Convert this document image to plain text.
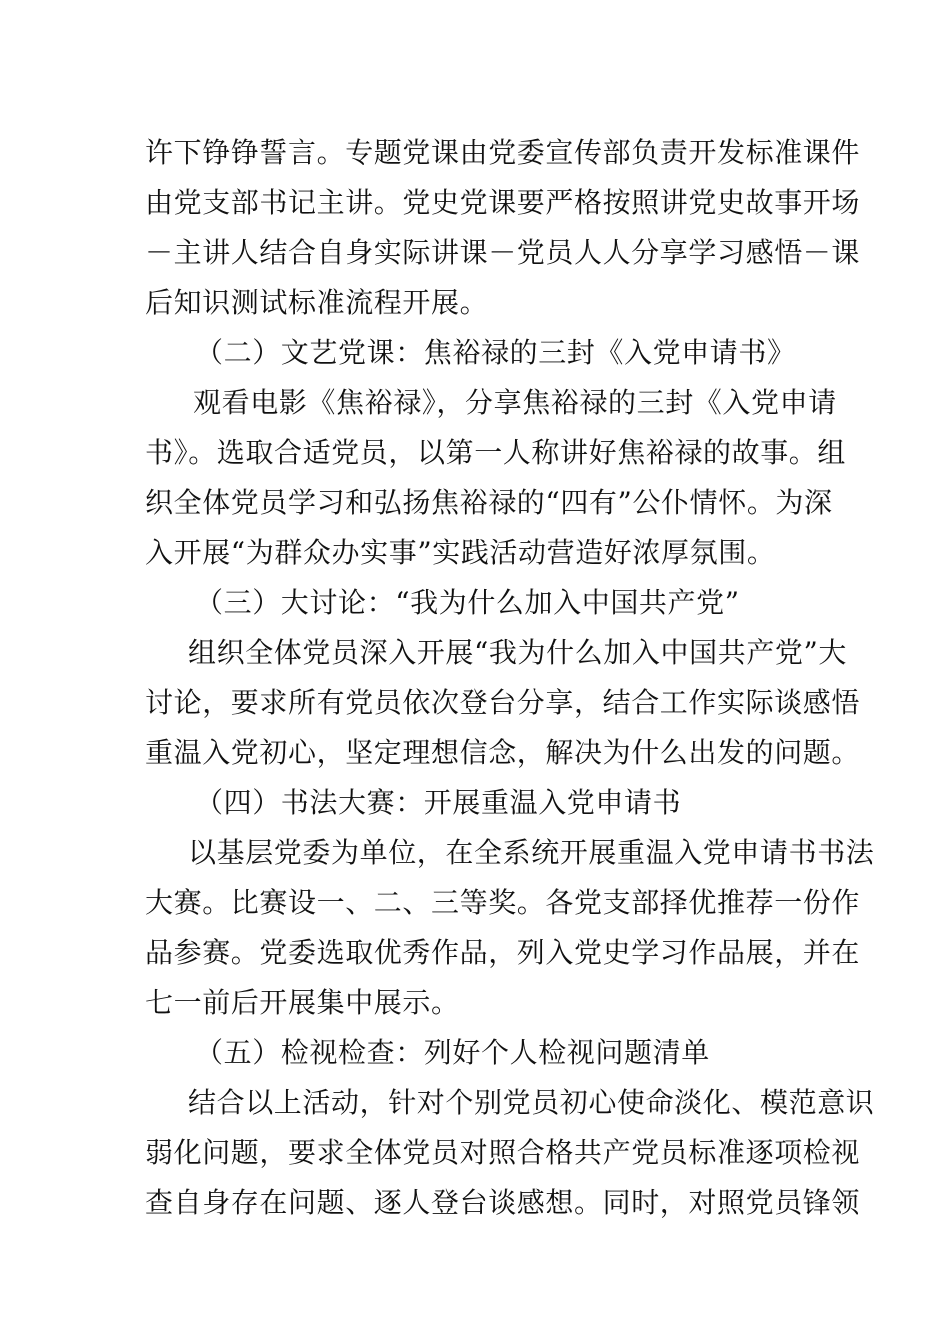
许下铮铮誓言。专题党课由党委宣传部负责开发标准课件
由党支部书记主讲。党史党课要严格按照讲党史故事开场
－主讲人结合自身实际讲课－党员人人分享学习感悟－课
后知识测试标准流程开展。
（二）文艺党课：焦裕禄的三封《入党申请书》
观看电影《焦裕禄》，分享焦裕禄的三封《入党申请
书》。选取合适党员，以第一人称讲好焦裕禄的故事。组
织全体党员学习和弘扬焦裕禄的“四有”公仆情怀。为深
入开展“为群众办实事”实践活动营造好浓厚氛围。
（三）大讨论：“我为什么加入中国共产党”
组织全体党员深入开展“我为什么加入中国共产党”大
讨论，要求所有党员依次登台分享，结合工作实际谈感悟
重温入党初心，坚定理想信念，解决为什么出发的问题。
（四）书法大赛：开展重温入党申请书
以基层党委为单位，在全系统开展重温入党申请书书法
大赛。比赛设一、二、三等奖。各党支部择优推荐一份作
品参赛。党委选取优秀作品，列入党史学习作品展，并在
七一前后开展集中展示。
（五）检视检查：列好个人检视问题清单
结合以上活动，针对个别党员初心使命淡化、模范意识
弱化问题，要求全体党员对照合格共产党员标准逐项检视
查自身存在问题、逐人登台谈感想。同时，对照党员锋领
